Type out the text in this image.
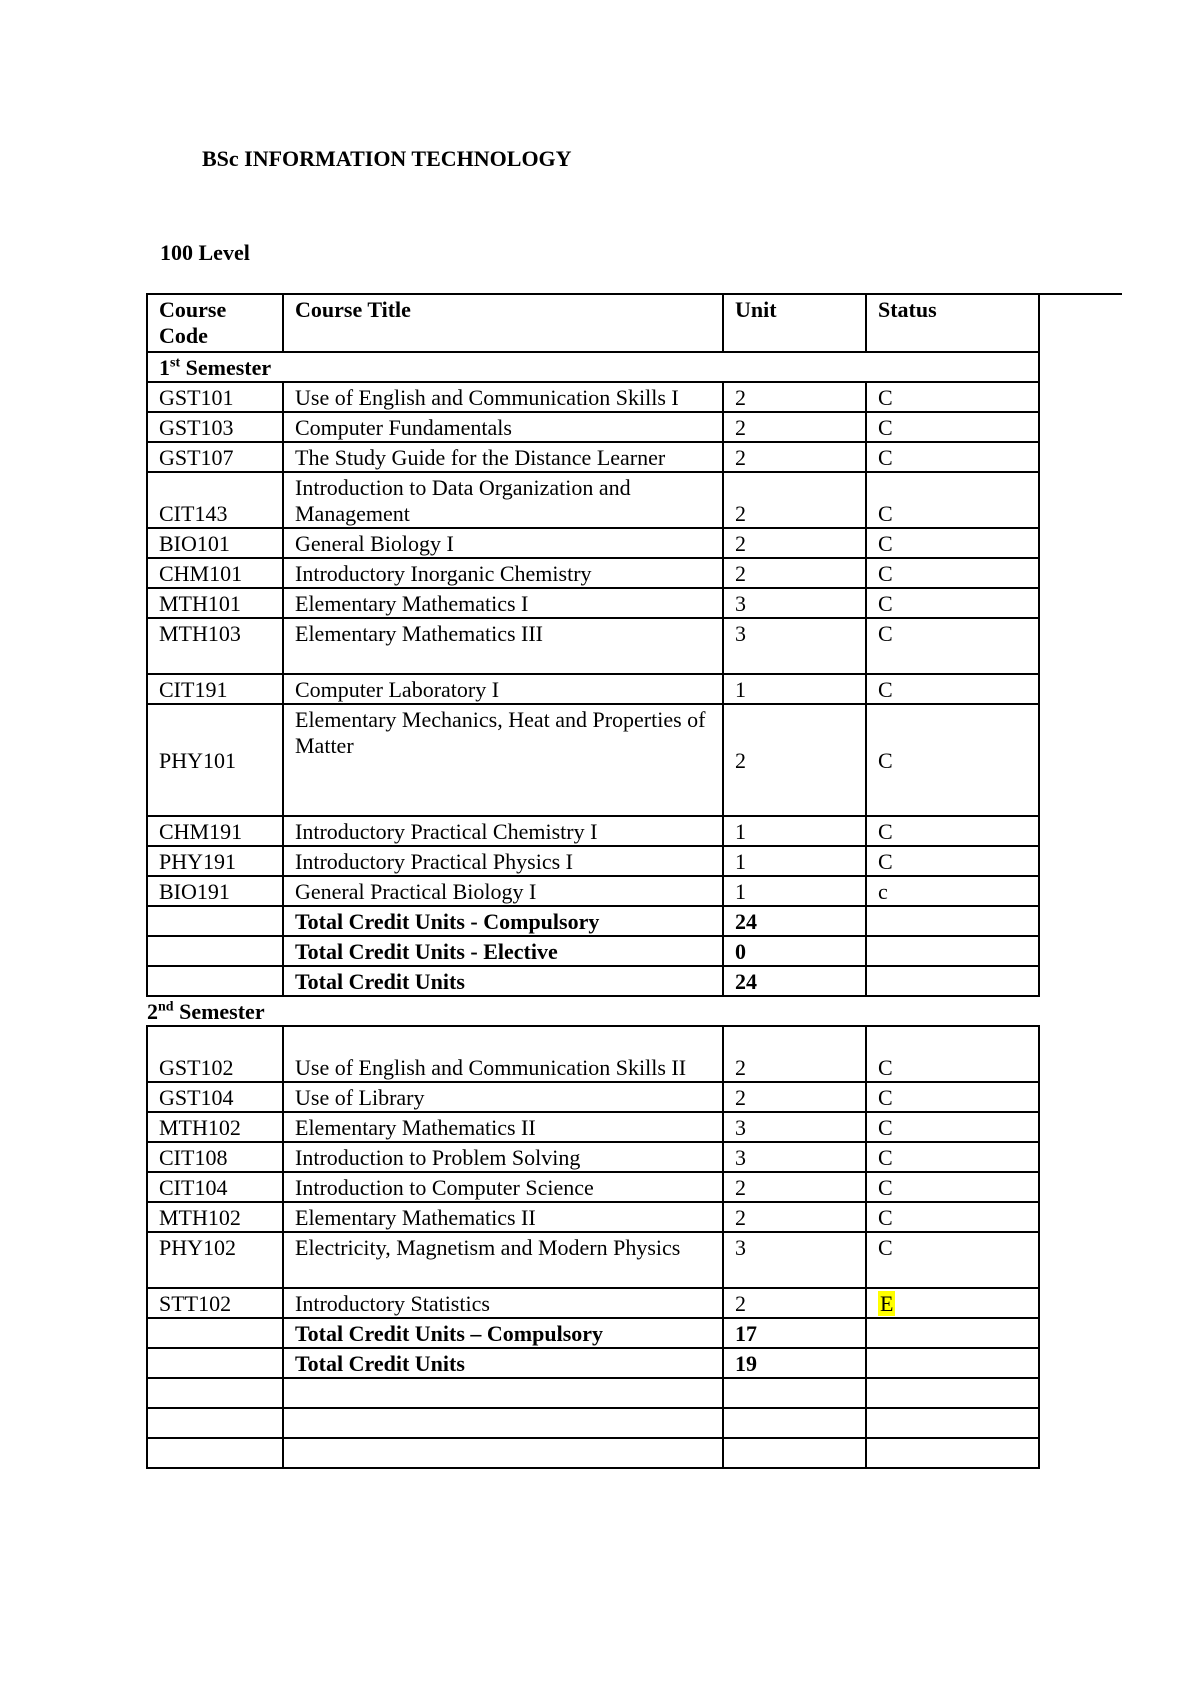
BSc INFORMATION TECHNOLOGY
100 Level
Course Code	Course Title	Unit	Status
1st Semester			
GST101	Use of English and Communication Skills I	2	C
GST103	Computer Fundamentals	2	C
GST107	The Study Guide for the Distance Learner	2	C
CIT143	Introduction to Data Organization and Management	2	C
BIO101	General Biology I	2	C
CHM101	Introductory Inorganic Chemistry	2	C
MTH101	Elementary Mathematics I	3	C
MTH103	Elementary Mathematics III	3	C
CIT191	Computer Laboratory I	1	C
PHY101	Elementary Mechanics, Heat and Properties of Matter	2	C
CHM191	Introductory Practical Chemistry I	1	C
PHY191	Introductory Practical Physics I	1	C
BIO191	General Practical Biology I	1	c
	Total Credit Units - Compulsory	24	
	Total Credit Units - Elective	0	
	Total Credit Units	24	
2nd Semester			
GST102	Use of English and Communication Skills II	2	C
GST104	Use of Library	2	C
MTH102	Elementary Mathematics II	3	C
CIT108	Introduction to Problem Solving	3	C
CIT104	Introduction to Computer Science	2	C
MTH102	Elementary Mathematics II	2	C
PHY102	Electricity, Magnetism and Modern Physics	3	C
STT102	Introductory Statistics	2	E
	Total Credit Units – Compulsory	17	
	Total Credit Units	19	
